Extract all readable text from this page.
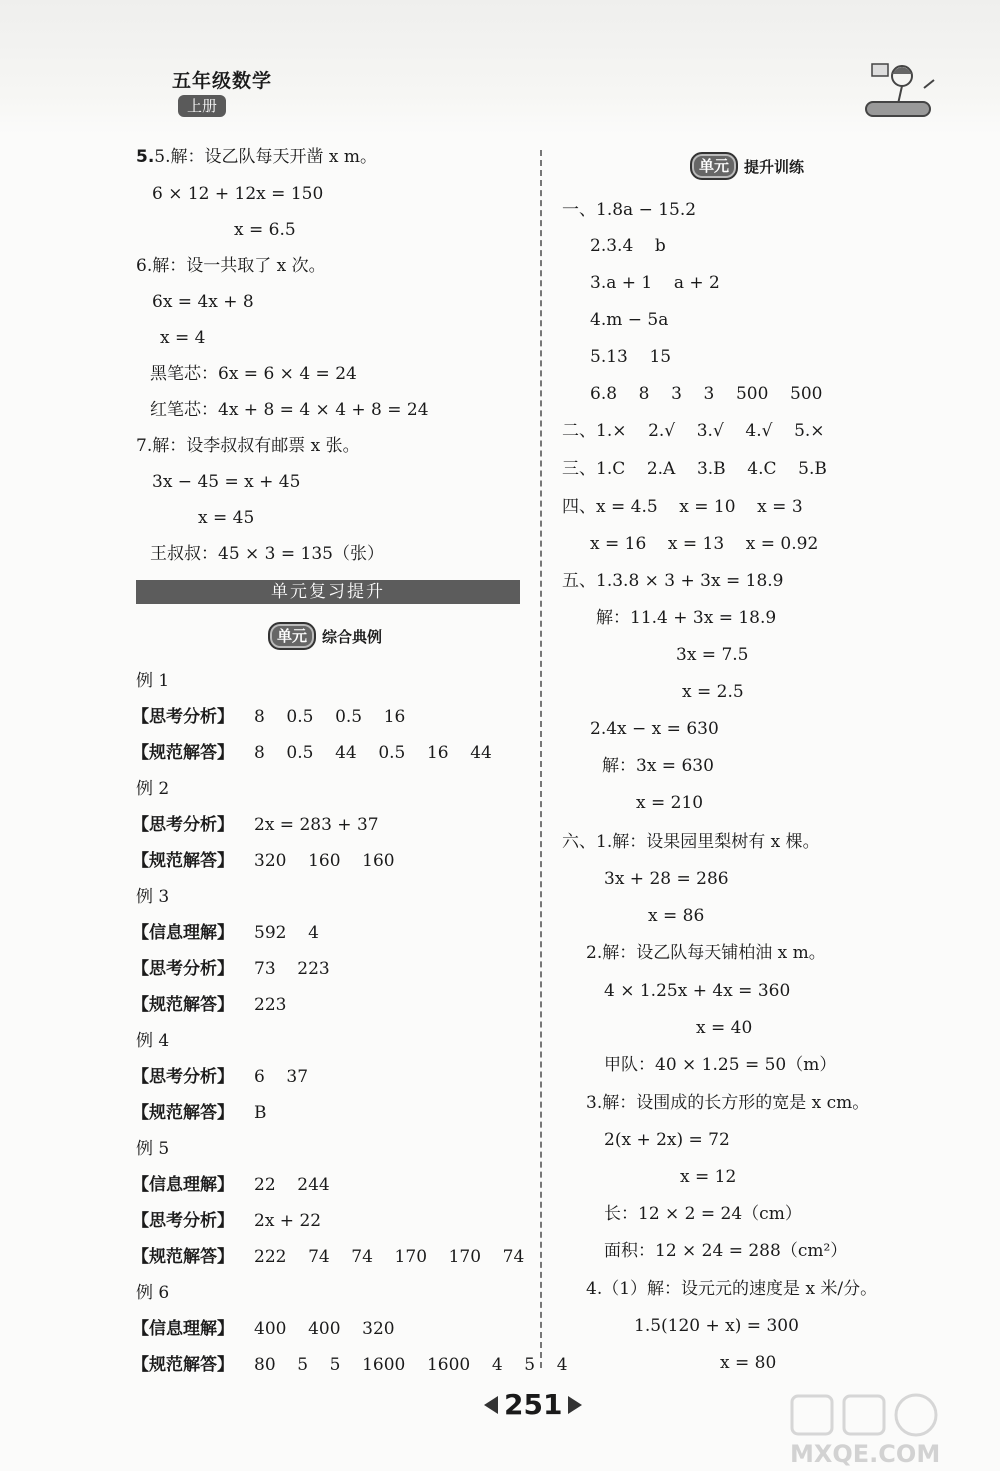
五年级数学
上册
5.5.解：设乙队每天开凿 x m。
6 × 12 + 12x = 150
x = 6.5
6.解：设一共取了 x 次。
6x = 4x + 8
x = 4
黑笔芯：6x = 6 × 4 = 24
红笔芯：4x + 8 = 4 × 4 + 8 = 24
7.解：设李叔叔有邮票 x 张。
3x − 45 = x + 45
x = 45
王叔叔：45 × 3 = 135（张）
单元复习提升
单元	综合典例
例 1
【思考分析】 8    0.5    0.5    16
【规范解答】 8    0.5    44    0.5    16    44
例 2
【思考分析】 2x = 283 + 37
【规范解答】 320    160    160
例 3
【信息理解】 592    4
【思考分析】 73    223
【规范解答】 223
例 4
【思考分析】 6    37
【规范解答】 B
例 5
【信息理解】 22    244
【思考分析】 2x + 22
【规范解答】 222    74    74    170    170    74
例 6
【信息理解】 400    400    320
【规范解答】 80    5    5    1600    1600    4    5    4
单元	提升训练
一、1.8a − 15.2
2.3.4    b
3.a + 1    a + 2
4.m − 5a
5.13    15
6.8    8    3    3    500    500
二、1.×    2.√    3.√    4.√    5.×
三、1.C    2.A    3.B    4.C    5.B
四、x = 4.5    x = 10    x = 3
x = 16    x = 13    x = 0.92
五、1.3.8 × 3 + 3x = 18.9
解：11.4 + 3x = 18.9
3x = 7.5
x = 2.5
2.4x − x = 630
解：3x = 630
x = 210
六、1.解：设果园里梨树有 x 棵。
3x + 28 = 286
x = 86
2.解：设乙队每天铺柏油 x m。
4 × 1.25x + 4x = 360
x = 40
甲队：40 × 1.25 = 50（m）
3.解：设围成的长方形的宽是 x cm。
2(x + 2x) = 72
x = 12
长：12 × 2 = 24（cm）
面积：12 × 24 = 288（cm²）
4.（1）解：设元元的速度是 x 米/分。
1.5(120 + x) = 300
x = 80
251
MXQE.COM
